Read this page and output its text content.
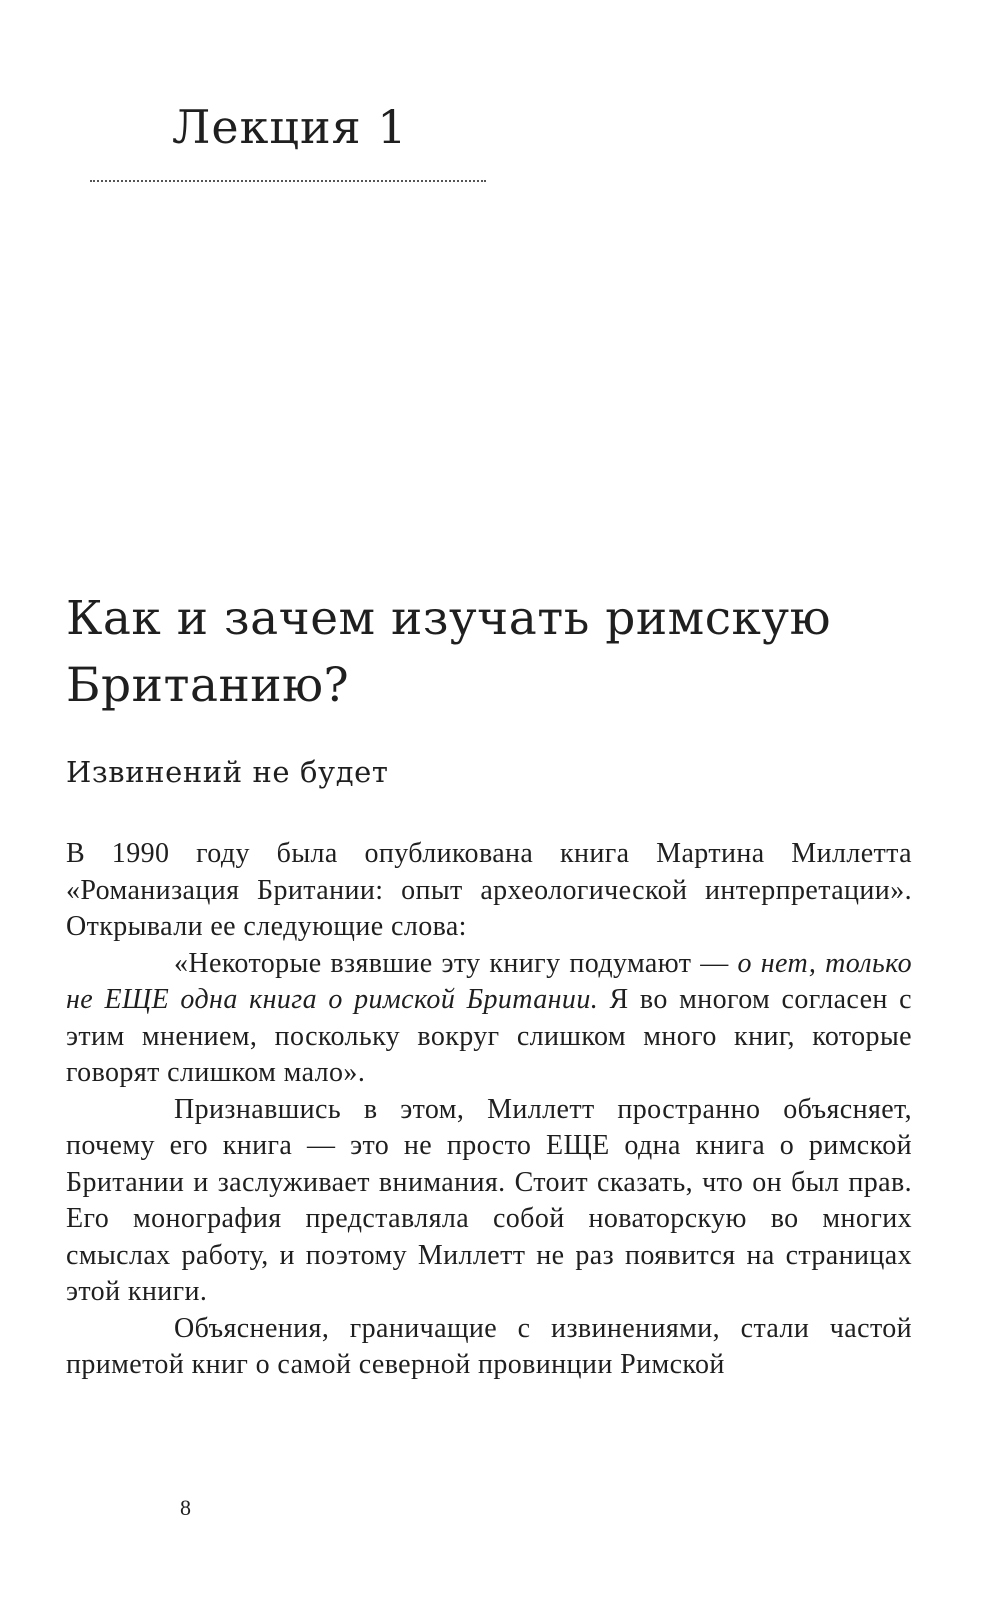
Лекция 1
Как и зачем изучать римскую Британию?
Извинений не будет

В 1990 году была опубликована книга Мартина Миллетта «Романизация Британии: опыт археологической интерпретации». Открывали ее следующие слова:

«Некоторые взявшие эту книгу подумают — о нет, только не ЕЩЕ одна книга о римской Британии. Я во многом согласен с этим мнением, поскольку вокруг слишком много книг, которые говорят слишком мало».

Признавшись в этом, Миллетт пространно объясняет, почему его книга — это не просто ЕЩЕ одна книга о римской Британии и заслуживает внимания. Стоит сказать, что он был прав. Его монография представляла собой новаторскую во многих смыслах работу, и поэтому Миллетт не раз появится на страницах этой книги.

Объяснения, граничащие с извинениями, стали частой приметой книг о самой северной провинции Римской

8
